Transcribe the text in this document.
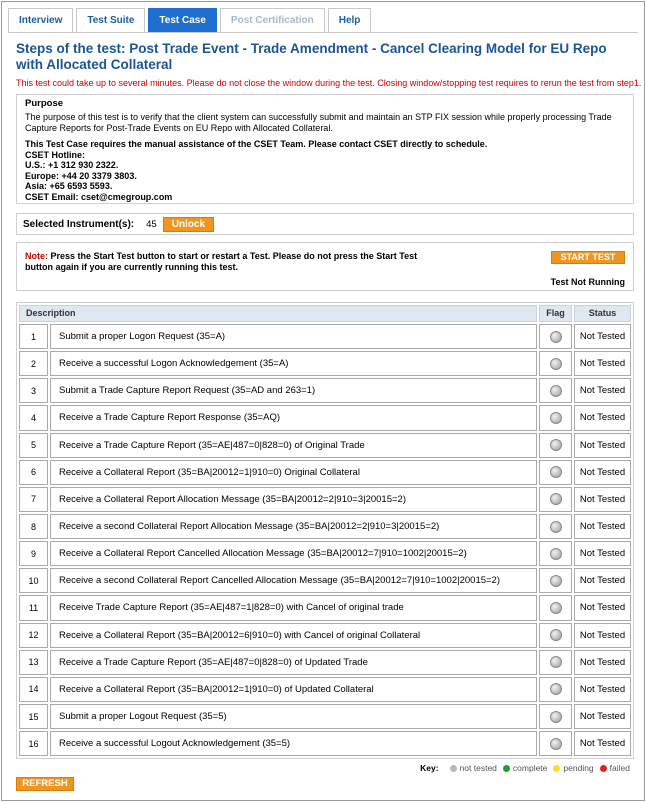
Interview	Test Suite	Test Case	Post Certification	Help
Steps of the test: Post Trade Event - Trade Amendment - Cancel Clearing Model for EU Repo with Allocated Collateral
This test could take up to several minutes. Please do not close the window during the test. Closing window/stopping test requires to rerun the test from step1.
Purpose
The purpose of this test is to verify that the client system can successfully submit and maintain an STP FIX session while properly processing Trade Capture Reports for Post-Trade Events on EU Repo with Allocated Collateral.
This Test Case requires the manual assistance of the CSET Team. Please contact CSET directly to schedule.
CSET Hotline:
U.S.: +1 312 930 2322.
Europe: +44 20 3379 3803.
Asia: +65 6593 5593.
CSET Email: cset@cmegroup.com
Selected Instrument(s): 45	Unlock
Note: Press the Start Test button to start or restart a Test. Please do not press the Start Test button again if you are currently running this test.
START TEST
Test Not Running
Description	Flag	Status
1	Submit a proper Logon Request (35=A)	Not Tested
2	Receive a successful Logon Acknowledgement (35=A)	Not Tested
3	Submit a Trade Capture Report Request (35=AD and 263=1)	Not Tested
4	Receive a Trade Capture Report Response (35=AQ)	Not Tested
5	Receive a Trade Capture Report (35=AE|487=0|828=0) of Original Trade	Not Tested
6	Receive a Collateral Report (35=BA|20012=1|910=0) Original Collateral	Not Tested
7	Receive a Collateral Report Allocation Message (35=BA|20012=2|910=3|20015=2)	Not Tested
8	Receive a second Collateral Report Allocation Message (35=BA|20012=2|910=3|20015=2)	Not Tested
9	Receive a Collateral Report Cancelled Allocation Message (35=BA|20012=7|910=1002|20015=2)	Not Tested
10	Receive a second Collateral Report Cancelled Allocation Message (35=BA|20012=7|910=1002|20015=2)	Not Tested
11	Receive Trade Capture Report (35=AE|487=1|828=0) with Cancel of original trade	Not Tested
12	Receive a Collateral Report (35=BA|20012=6|910=0) with Cancel of original Collateral	Not Tested
13	Receive a Trade Capture Report (35=AE|487=0|828=0) of Updated Trade	Not Tested
14	Receive a Collateral Report (35=BA|20012=1|910=0) of Updated Collateral	Not Tested
15	Submit a proper Logout Request (35=5)	Not Tested
16	Receive a successful Logout Acknowledgement (35=5)	Not Tested
Key: not tested complete pending failed
REFRESH
